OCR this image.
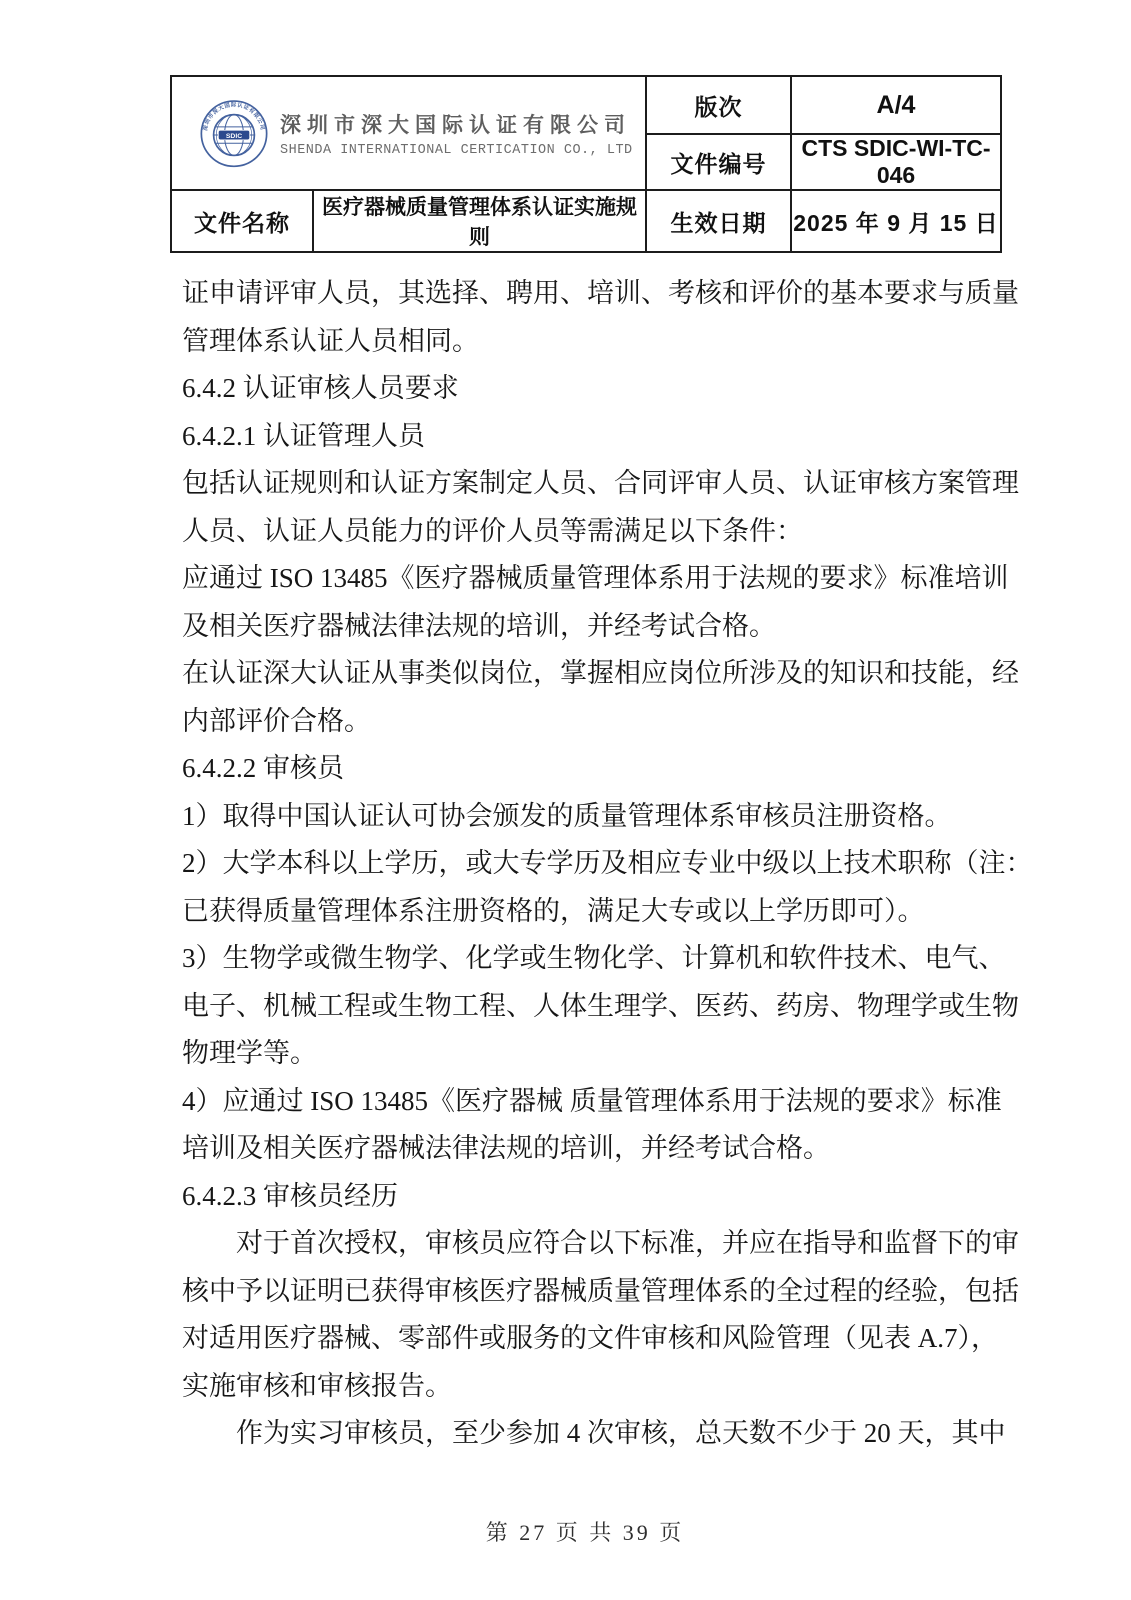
深圳市深大国际认证有限公司
SDIC 深圳市深大国际认证有限公司
SHENDA INTERNATIONAL CERTICATION CO., LTD		版次	A/4
		文件编号	CTS SDIC-WI-TC-046
文件名称	医疗器械质量管理体系认证实施规则	生效日期	2025 年 9 月 15 日
证申请评审人员，其选择、聘用、培训、考核和评价的基本要求与质量
管理体系认证人员相同。
6.4.2 认证审核人员要求
6.4.2.1 认证管理人员
包括认证规则和认证方案制定人员、合同评审人员、认证审核方案管理
人员、认证人员能力的评价人员等需满足以下条件：
应通过 ISO 13485《医疗器械质量管理体系用于法规的要求》标准培训
及相关医疗器械法律法规的培训，并经考试合格。
在认证深大认证从事类似岗位，掌握相应岗位所涉及的知识和技能，经
内部评价合格。
6.4.2.2 审核员
1）取得中国认证认可协会颁发的质量管理体系审核员注册资格。
2）大学本科以上学历，或大专学历及相应专业中级以上技术职称（注：
已获得质量管理体系注册资格的，满足大专或以上学历即可）。
3）生物学或微生物学、化学或生物化学、计算机和软件技术、电气、
电子、机械工程或生物工程、人体生理学、医药、药房、物理学或生物
物理学等。
4）应通过 ISO 13485《医疗器械 质量管理体系用于法规的要求》标准
培训及相关医疗器械法律法规的培训，并经考试合格。
6.4.2.3 审核员经历
　　对于首次授权，审核员应符合以下标准，并应在指导和监督下的审
核中予以证明已获得审核医疗器械质量管理体系的全过程的经验，包括
对适用医疗器械、零部件或服务的文件审核和风险管理（见表 A.7），
实施审核和审核报告。
　　作为实习审核员，至少参加 4 次审核，总天数不少于 20 天，其中
第 27 页 共 39 页
